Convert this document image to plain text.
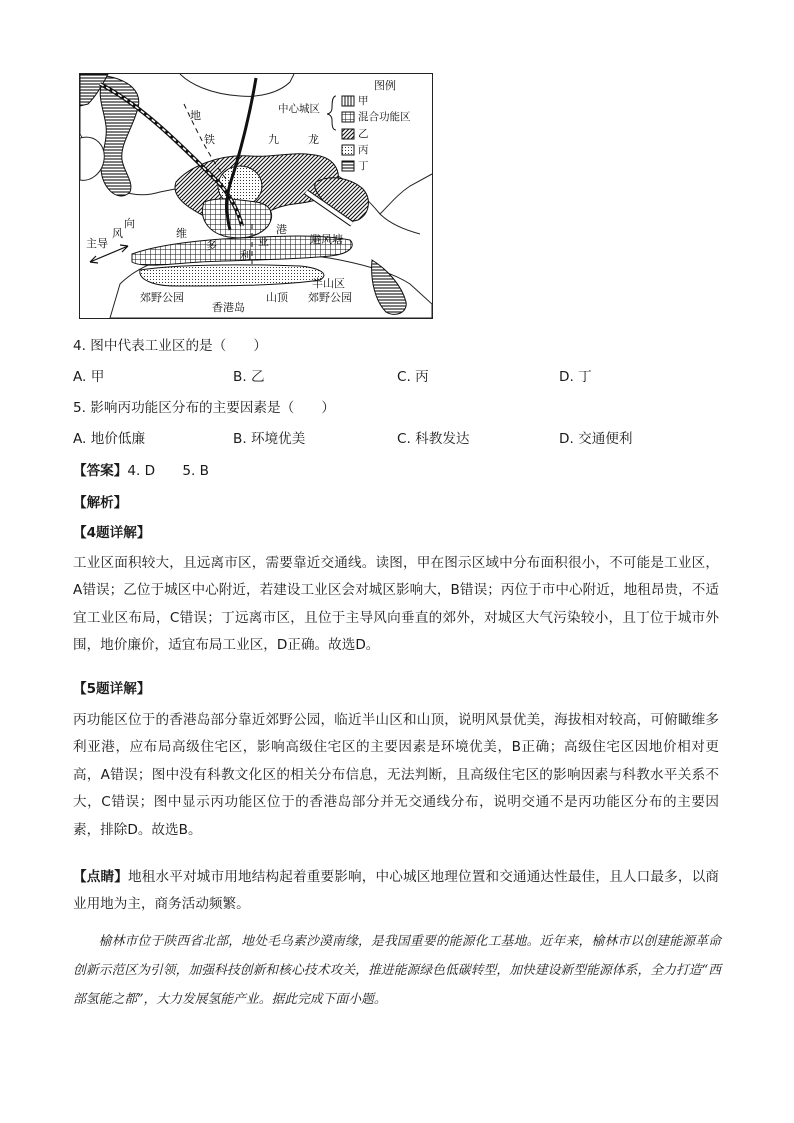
图例
中心城区
甲
混合功能区
乙
丙
丁
地
铁	九	龙
维
多
利
亚
港
避风塘
主导
风
向
半山区
郊野公园	山顶 郊野公园
香港岛
4. 图中代表工业区的是（　　）
A. 甲	B. 乙	C. 丙	D. 丁
5. 影响丙功能区分布的主要因素是（　　）
A. 地价低廉	B. 环境优美	C. 科教发达	D. 交通便利
【答案】4. D　　5. B
【解析】
【4题详解】

工业区面积较大，且远离市区，需要靠近交通线。读图，甲在图示区域中分布面积很小，不可能是工业区，A错误；乙位于城区中心附近，若建设工业区会对城区影响大，B错误；丙位于市中心附近，地租昂贵，不适宜工业区布局，C错误；丁远离市区，且位于主导风向垂直的郊外，对城区大气污染较小，且丁位于城市外围，地价廉价，适宜布局工业区，D正确。故选D。

【5题详解】

丙功能区位于的香港岛部分靠近郊野公园，临近半山区和山顶，说明风景优美，海拔相对较高，可俯瞰维多利亚港，应布局高级住宅区，影响高级住宅区的主要因素是环境优美，B正确；高级住宅区因地价相对更高，A错误；图中没有科教文化区的相关分布信息，无法判断，且高级住宅区的影响因素与科教水平关系不大，C错误；图中显示丙功能区位于的香港岛部分并无交通线分布，说明交通不是丙功能区分布的主要因素，排除D。故选B。

【点睛】地租水平对城市用地结构起着重要影响，中心城区地理位置和交通通达性最佳，且人口最多，以商业用地为主，商务活动频繁。

榆林市位于陕西省北部，地处毛乌素沙漠南缘，是我国重要的能源化工基地。近年来，榆林市以创建能源革命创新示范区为引领，加强科技创新和核心技术攻关，推进能源绿色低碳转型，加快建设新型能源体系，全力打造“西部氢能之都”，大力发展氢能产业。据此完成下面小题。
